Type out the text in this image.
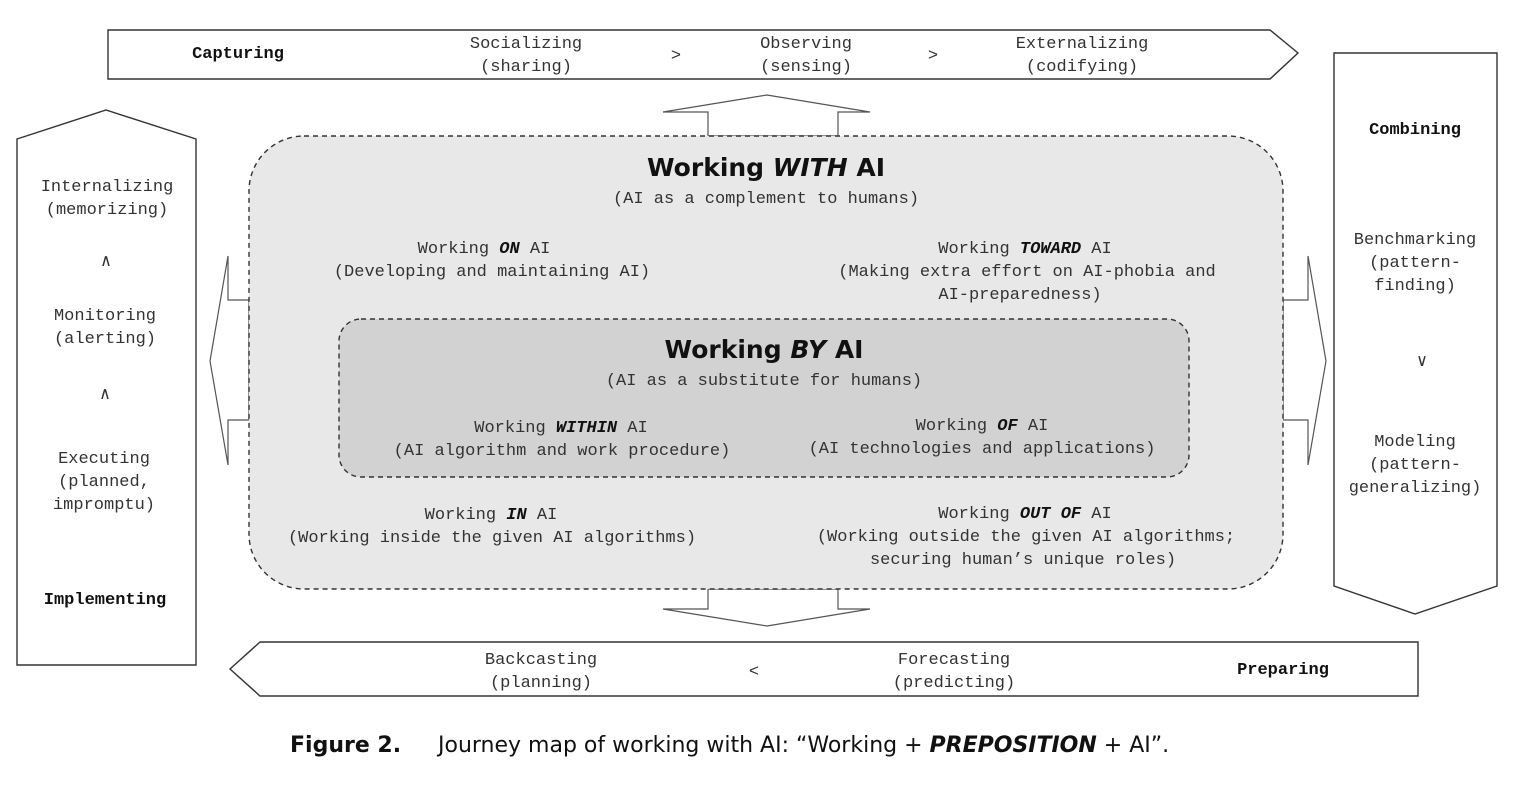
Capturing
Socializing
(sharing)
>
Observing
(sensing)
>
Externalizing
(codifying)
Combining
Benchmarking
(pattern-
finding)
∨
Modeling
(pattern-
generalizing)
Backcasting
(planning)
<
Forecasting
(predicting)
Preparing
Internalizing
(memorizing)
∧
Monitoring
(alerting)
∧
Executing
(planned,
impromptu)
Implementing
Working WITH AI
(AI as a complement to humans)
Working ON AI
(Developing and maintaining AI)
Working TOWARD AI
(Making extra effort on AI-phobia and
AI-preparedness)
Working IN AI
(Working inside the given AI algorithms)
Working OUT OF AI
(Working outside the given AI algorithms;
securing human’s unique roles)
Working BY AI
(AI as a substitute for humans)
Working WITHIN AI
(AI algorithm and work procedure)
Working OF AI
(AI technologies and applications)
Figure 2. Journey map of working with AI: “Working + PREPOSITION + AI”.
